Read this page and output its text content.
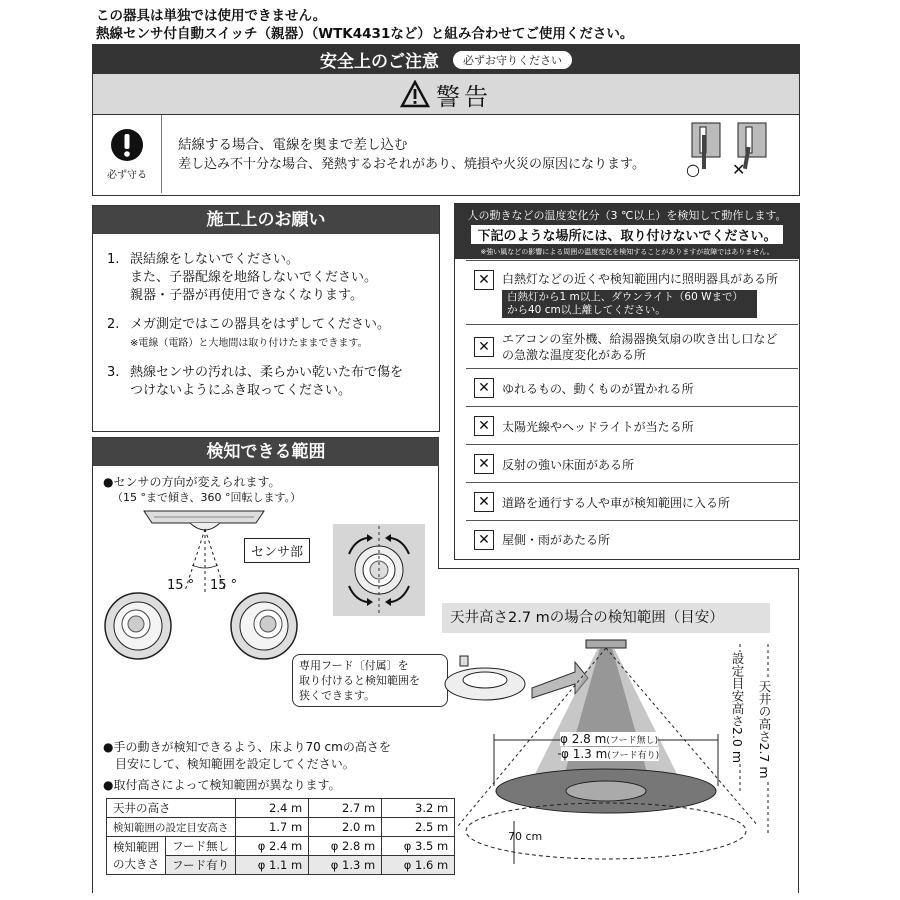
この器具は単独では使用できません。
熱線センサ付自動スイッチ（親器）（WTK4431など）と組み合わせてご使用ください。
安全上のご注意	必ずお守りください
警告
必ず守る
結線する場合、電線を奥まで差し込む
差し込み不十分な場合、発熱するおそれがあり、焼損や火災の原因になります。	○ ✕
施工上のお願い
1. 誤結線をしないでください。
また、子器配線を地絡しないでください。
親器・子器が再使用できなくなります。
2. メガ測定ではこの器具をはずしてください。
※電線（電路）と大地間は取り付けたままできます。
3. 熱線センサの汚れは、柔らかい乾いた布で傷を
つけないようにふき取ってください。
人の動きなどの温度変化分（3 ℃以上）を検知して動作します。
下記のような場所には、取り付けないでください。
※強い風などの影響による周囲の温度変化を検知することがありますが故障ではありません。
✕	白熱灯などの近くや検知範囲内に照明器具がある所
白熱灯から1 m以上、ダウンライト（60 Wまで）
から40 cm以上離してください。
✕	エアコンの室外機、給湯器換気扇の吹き出し口などの急激な温度変化がある所
✕	ゆれるもの、動くものが置かれる所
✕	太陽光線やヘッドライトが当たる所
✕	反射の強い床面がある所
✕	道路を通行する人や車が検知範囲に入る所
✕	屋側・雨があたる所
検知できる範囲
●センサの方向が変えられます。
（15 °まで傾き、360 °回転します。）
15 ° 15 °
センサ部
天井高さ2.7 mの場合の検知範囲（目安）
専用フード〔付属〕を
取り付けると検知範囲を
狭くできます。
φ 2.8 m(フード無し)
φ 1.3 m(フード有り)
70 cm
設定目安高さ2.0 m 天井の高さ2.7 m
●手の動きが検知できるよう、床より70 cmの高さを
目安にして、検知範囲を設定してください。
●取付高さによって検知範囲が異なります。
天井の高さ		2.4 m	2.7 m	3.2 m
検知範囲の設定目安高さ		1.7 m	2.0 m	2.5 m

検知範囲
の大きさ	フード無し	φ 2.4 m	φ 2.8 m	φ 3.5 m
	フード有り	φ 1.1 m	φ 1.3 m	φ 1.6 m
